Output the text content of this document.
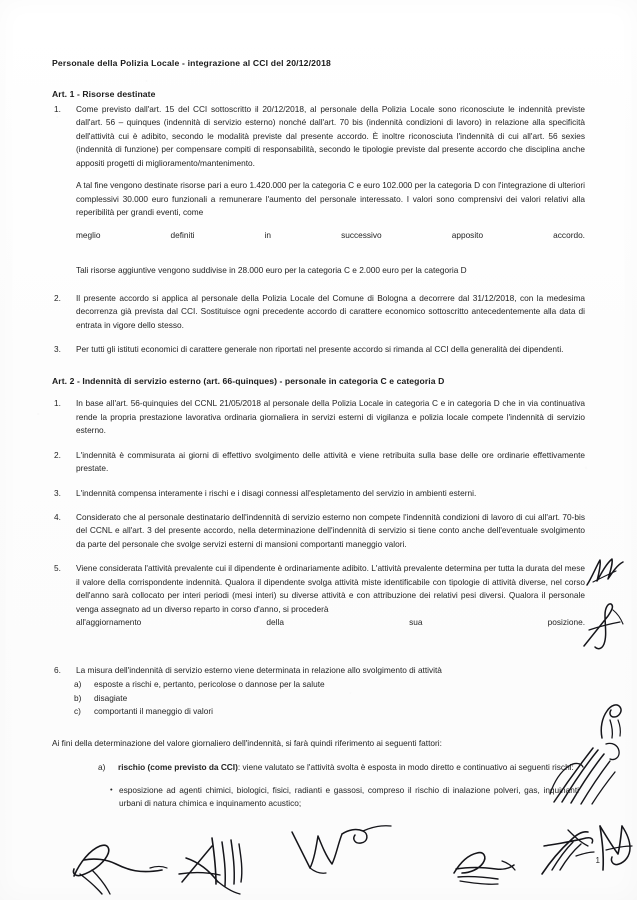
Personale della Polizia Locale - integrazione al CCI del 20/12/2018
Art. 1 - Risorse destinate
1.	Come previsto dall'art. 15 del CCI sottoscritto il 20/12/2018, al personale della Polizia Locale sono riconosciute le indennità previste dall'art. 56 – quinques (indennità di servizio esterno) nonché dall'art. 70 bis (indennità condizioni di lavoro) in relazione alla specificità dell'attività cui è adibito, secondo le modalità previste dal presente accordo. È inoltre riconosciuta l'indennità di cui all'art. 56 sexies (indennità di funzione) per compensare compiti di responsabilità, secondo le tipologie previste dal presente accordo che disciplina anche appositi progetti di miglioramento/mantenimento.
A tal fine vengono destinate risorse pari a euro 1.420.000 per la categoria C e euro 102.000 per la categoria D con l'integrazione di ulteriori complessivi 30.000 euro funzionali a remunerare l'aumento del personale interessato. I valori sono comprensivi dei valori relativi alla reperibilità per grandi eventi, come
meglio definiti in successivo apposito accordo.
Tali risorse aggiuntive vengono suddivise in 28.000 euro per la categoria C e 2.000 euro per la categoria D
2.	Il presente accordo si applica al personale della Polizia Locale del Comune di Bologna a decorrere dal 31/12/2018, con la medesima decorrenza già prevista dal CCI. Sostituisce ogni precedente accordo di carattere economico sottoscritto antecedentemente alla data di entrata in vigore dello stesso.
3.	Per tutti gli istituti economici di carattere generale non riportati nel presente accordo si rimanda al CCI della generalità dei dipendenti.
Art. 2 - Indennità di servizio esterno (art. 66-quinques) - personale in categoria C e categoria D
1.	In base all'art. 56-quinquies del CCNL 21/05/2018 al personale della Polizia Locale in categoria C e in categoria D che in via continuativa rende la propria prestazione lavorativa ordinaria giornaliera in servizi esterni di vigilanza e polizia locale compete l'indennità di servizio esterno.
2.	L'indennità è commisurata ai giorni di effettivo svolgimento delle attività e viene retribuita sulla base delle ore ordinarie effettivamente prestate.
3.	L'indennità compensa interamente i rischi e i disagi connessi all'espletamento del servizio in ambienti esterni.
4.	Considerato che al personale destinatario dell'indennità di servizio esterno non compete l'indennità condizioni di lavoro di cui all'art. 70-bis del CCNL e all'art. 3 del presente accordo, nella determinazione dell'indennità di servizio si tiene conto anche dell'eventuale svolgimento da parte del personale che svolge servizi esterni di mansioni comportanti maneggio valori.
5.	Viene considerata l'attività prevalente cui il dipendente è ordinariamente adibito. L'attività prevalente determina per tutta la durata del mese il valore della corrispondente indennità. Qualora il dipendente svolga attività miste identificabile con tipologie di attività diverse, nel corso dell'anno sarà collocato per interi periodi (mesi interi) su diverse attività e con attribuzione dei relativi pesi diversi. Qualora il personale venga assegnato ad un diverso reparto in corso d'anno, si procederà
all'aggiornamento della sua posizione.
6.	La misura dell'indennità di servizio esterno viene determinata in relazione allo svolgimento di attività
a)	esposte a rischi e, pertanto, pericolose o dannose per la salute
b)	disagiate
c)	comportanti il maneggio di valori
Ai fini della determinazione del valore giornaliero dell'indennità, si farà quindi riferimento ai seguenti fattori:
a)	rischio (come previsto da CCI): viene valutato se l'attività svolta è esposta in modo diretto e continuativo ai seguenti rischi:
• esposizione ad agenti chimici, biologici, fisici, radianti e gassosi, compreso il rischio di inalazione polveri, gas, inquinanti urbani di natura chimica e inquinamento acustico;
1
